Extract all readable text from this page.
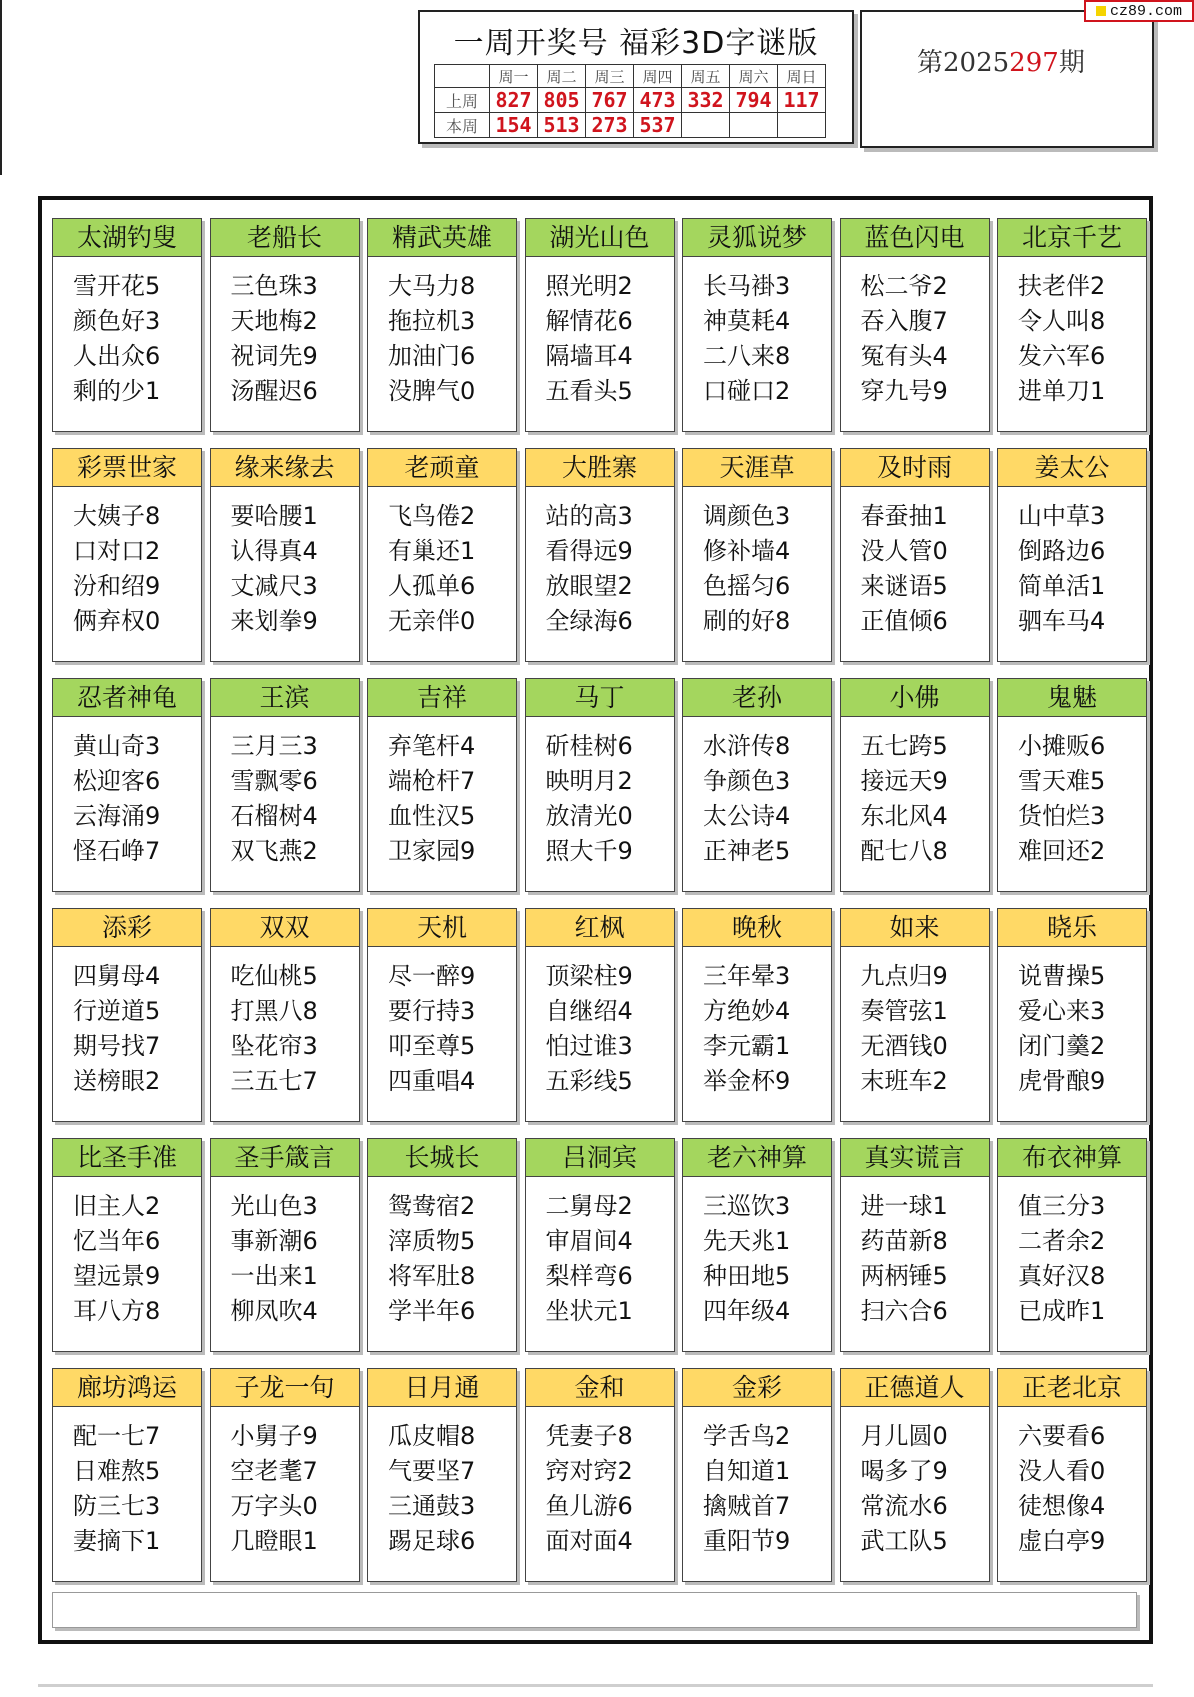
一周开奖号 福彩3D字谜版
	周一	周二	周三	周四	周五	周六	周日
上周	827	805	767	473	332	794	117
本周	154	513	273	537			
第2025297期
cz89.com
太湖钓叟
雪开花5
颜色好3
人出众6
剩的少1
老船长
三色珠3
天地梅2
祝词先9
汤醒迟6
精武英雄
大马力8
拖拉机3
加油门6
没脾气0
湖光山色
照光明2
解情花6
隔墙耳4
五看头5
灵狐说梦
长马褂3
神莫耗4
二八来8
口碰口2
蓝色闪电
松二爷2
吞入腹7
冤有头4
穿九号9
北京千艺
扶老伴2
令人叫8
发六军6
进单刀1
彩票世家
大姨子8
口对口2
汾和绍9
俩弃权0
缘来缘去
要哈腰1
认得真4
丈减尺3
来划拳9
老顽童
飞鸟倦2
有巢还1
人孤单6
无亲伴0
大胜寨
站的高3
看得远9
放眼望2
全绿海6
天涯草
调颜色3
修补墙4
色摇匀6
刷的好8
及时雨
春蚕抽1
没人管0
来谜语5
正值倾6
姜太公
山中草3
倒路边6
简单活1
驷车马4
忍者神龟
黄山奇3
松迎客6
云海涌9
怪石峥7
王滨
三月三3
雪飘零6
石榴树4
双飞燕2
吉祥
弃笔杆4
端枪杆7
血性汉5
卫家园9
马丁
斫桂树6
映明月2
放清光0
照大千9
老孙
水浒传8
争颜色3
太公诗4
正神老5
小佛
五七跨5
接远天9
东北风4
配七八8
鬼魅
小摊贩6
雪天难5
货怕烂3
难回还2
添彩
四舅母4
行逆道5
期号找7
送榜眼2
双双
吃仙桃5
打黑八8
坠花帘3
三五七7
天机
尽一醉9
要行持3
叩至尊5
四重唱4
红枫
顶梁柱9
自继绍4
怕过谁3
五彩线5
晚秋
三年晕3
方绝妙4
李元霸1
举金杯9
如来
九点归9
奏管弦1
无酒钱0
末班车2
晓乐
说曹操5
爱心来3
闭门羹2
虎骨酿9
比圣手准
旧主人2
忆当年6
望远景9
耳八方8
圣手箴言
光山色3
事新潮6
一出来1
柳凤吹4
长城长
鸳鸯宿2
滓质物5
将军肚8
学半年6
吕洞宾
二舅母2
审眉间4
梨样弯6
坐状元1
老六神算
三巡饮3
先天兆1
种田地5
四年级4
真实谎言
进一球1
药苗新8
两柄锤5
扫六合6
布衣神算
值三分3
二者余2
真好汉8
已成昨1
廊坊鸿运
配一七7
日难熬5
防三七3
妻摘下1
子龙一句
小舅子9
空老耄7
万字头0
几瞪眼1
日月通
瓜皮帽8
气要坚7
三通鼓3
踢足球6
金和
凭妻子8
窍对窍2
鱼儿游6
面对面4
金彩
学舌鸟2
自知道1
擒贼首7
重阳节9
正德道人
月儿圆0
喝多了9
常流水6
武工队5
正老北京
六要看6
没人看0
徒想像4
虚白亭9
